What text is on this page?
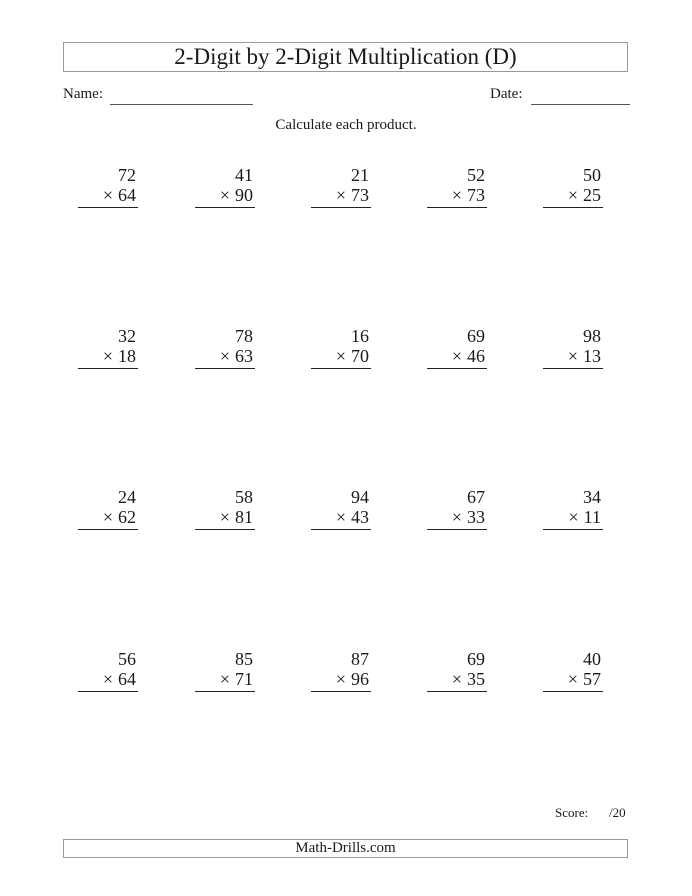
2-Digit by 2-Digit Multiplication (D)
Name:	Date:
Calculate each product.
72
× 64
41
× 90
21
× 73
52
× 73
50
× 25
32
× 18
78
× 63
16
× 70
69
× 46
98
× 13
24
× 62
58
× 81
94
× 43
67
× 33
34
× 11
56
× 64
85
× 71
87
× 96
69
× 35
40
× 57
Score: /20
Math-Drills.com
